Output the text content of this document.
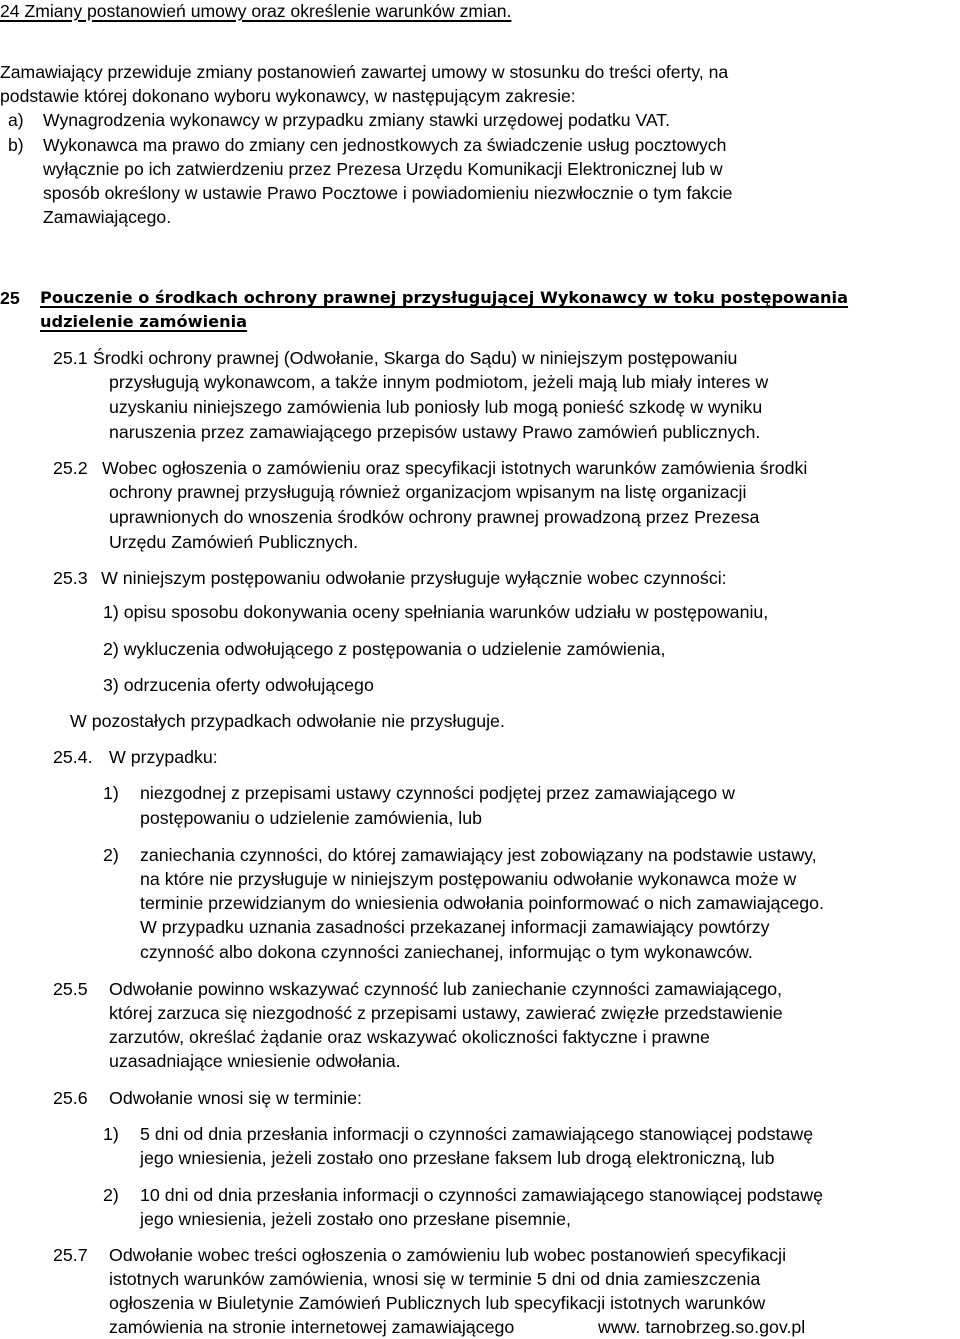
24 Zmiany postanowień umowy oraz określenie warunków zmian.
Zamawiający przewiduje zmiany postanowień zawartej umowy w stosunku do treści oferty, na
podstawie której dokonano wyboru wykonawcy, w następującym zakresie:
a) Wynagrodzenia wykonawcy w przypadku zmiany stawki urzędowej podatku VAT.
b) Wykonawca ma prawo do zmiany cen jednostkowych za świadczenie usług pocztowych
wyłącznie po ich zatwierdzeniu przez Prezesa Urzędu Komunikacji Elektronicznej lub w
sposób określony w ustawie Prawo Pocztowe i powiadomieniu niezwłocznie o tym fakcie
Zamawiającego.
25 Pouczenie o środkach ochrony prawnej przysługującej Wykonawcy w toku postępowania
udzielenie zamówienia
25.1 Środki ochrony prawnej (Odwołanie, Skarga do Sądu) w niniejszym postępowaniu
przysługują wykonawcom, a także innym podmiotom, jeżeli mają lub miały interes w
uzyskaniu niniejszego zamówienia lub poniosły lub mogą ponieść szkodę w wyniku
naruszenia przez zamawiającego przepisów ustawy Prawo zamówień publicznych.
25.2 Wobec ogłoszenia o zamówieniu oraz specyfikacji istotnych warunków zamówienia środki
ochrony prawnej przysługują również organizacjom wpisanym na listę organizacji
uprawnionych do wnoszenia środków ochrony prawnej prowadzoną przez Prezesa
Urzędu Zamówień Publicznych.
25.3 W niniejszym postępowaniu odwołanie przysługuje wyłącznie wobec czynności:
1) opisu sposobu dokonywania oceny spełniania warunków udziału w postępowaniu,
2) wykluczenia odwołującego z postępowania o udzielenie zamówienia,
3) odrzucenia oferty odwołującego
W pozostałych przypadkach odwołanie nie przysługuje.
25.4. W przypadku:
1) niezgodnej z przepisami ustawy czynności podjętej przez zamawiającego w
postępowaniu o udzielenie zamówienia, lub
2) zaniechania czynności, do której zamawiający jest zobowiązany na podstawie ustawy,
na które nie przysługuje w niniejszym postępowaniu odwołanie wykonawca może w
terminie przewidzianym do wniesienia odwołania poinformować o nich zamawiającego.
W przypadku uznania zasadności przekazanej informacji zamawiający powtórzy
czynność albo dokona czynności zaniechanej, informując o tym wykonawców.
25.5 Odwołanie powinno wskazywać czynność lub zaniechanie czynności zamawiającego,
której zarzuca się niezgodność z przepisami ustawy, zawierać zwięzłe przedstawienie
zarzutów, określać żądanie oraz wskazywać okoliczności faktyczne i prawne
uzasadniające wniesienie odwołania.
25.6 Odwołanie wnosi się w terminie:
1) 5 dni od dnia przesłania informacji o czynności zamawiającego stanowiącej podstawę
jego wniesienia, jeżeli zostało ono przesłane faksem lub drogą elektroniczną, lub
2) 10 dni od dnia przesłania informacji o czynności zamawiającego stanowiącej podstawę
jego wniesienia, jeżeli zostało ono przesłane pisemnie,
25.7 Odwołanie wobec treści ogłoszenia o zamówieniu lub wobec postanowień specyfikacji
istotnych warunków zamówienia, wnosi się w terminie 5 dni od dnia zamieszczenia
ogłoszenia w Biuletynie Zamówień Publicznych lub specyfikacji istotnych warunków
zamówienia na stronie internetowej zamawiającego	www. tarnobrzeg.so.gov.pl
